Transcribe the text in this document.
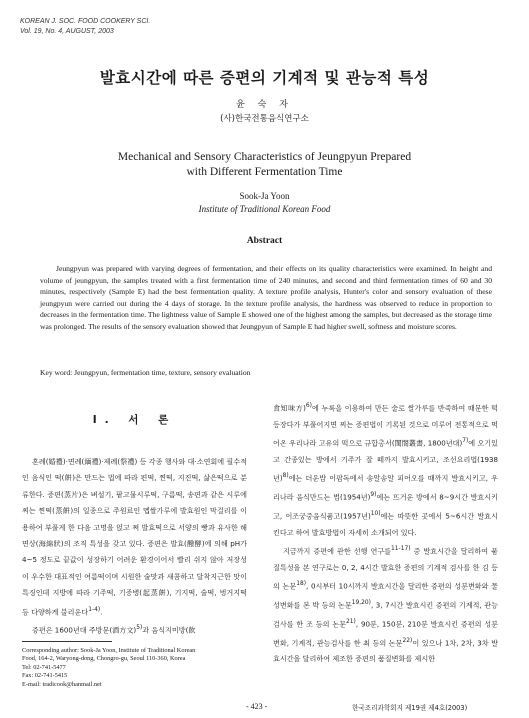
KOREAN J. SOC. FOOD COOKERY SCI.
Vol. 19, No. 4, AUGUST, 2003
발효시간에 따른 증편의 기계적 및 관능적 특성
윤 숙 자
(사)한국전통음식연구소
Mechanical and Sensory Characteristics of Jeungpyun Prepared
with Different Fermentation Time
Sook-Ja Yoon
Institute of Traditional Korean Food
Abstract
Jeungpyun was prepared with varying degrees of fermentation, and their effects on its quality characteristics were examined. In height and volume of jeungpyun, the samples treated with a first fermentation time of 240 minutes, and second and third fermentation times of 60 and 30 minutes, respectively (Sample E) had the best fermentation quality. A texture profile analysis, Hunter's color and sensory evaluation of these jeungpyun were carried out during the 4 days of storage. In the texture profile analysis, the hardness was observed to reduce in proportion to decreases in the fermentation time. The lightness value of Sample E showed one of the highest among the samples, but decreased as the storage time was prolonged. The results of the sensory evaluation showed that Jeungpyun of Sample E had higher swell, softness and moisture scores.
Key word: Jeungpyun, fermentation time, texture, sensory evaluation
Ⅰ. 서 론

혼례(婚禮)·면례(緬禮)·제례(祭禮) 등 각종 행사와 대·소연회에 필수적인 음식인 떡(餠)은 만드는 법에 따라 편떡, 찐떡, 지진떡, 삶은떡으로 분류한다. 증편(蒸片)은 벼설기, 팥고물시루떡, 구름떡, 송편과 같은 시루에 찌는 찐떡(蒸餠)의 일종으로 주원료인 멥쌀가루에 발효원인 막걸리를 이용하여 부풀게 한 다음 고명을 얹고 쪄 발효떡으로 서양의 빵과 유사한 해면상(海綿狀)의 조직 특성을 갖고 있다. 증편은 발효(醱酵)에 의해 pH가 4~5 정도로 끝값이 성장하기 어려운 환경이어서 빨리 쉬지 않아 저장성이 우수한 대표적인 여름떡이며 시원한 술맛과 새콤하고 달착지근한 맛이 특징인데 지방에 따라 기주떡, 기증병(起蒸餠), 기지떡, 술떡, 벙거지떡 등 다양하게 불리운다$^{1-4)}$.

증편은 1600년대 주방문(酒方文)$^{5)}$과 음식지미방(飮

食知味方)$^{6)}$에 누룩을 이용하여 만든 술로 쌀가루를 반죽하여 때문한 떡 등장다가 부풀어지면 찌는 증편법이 기록된 것으로 미루어 전통적으로 먹어온 우리나라 고유의 떡으로 규합총서(閨閤叢書, 1800년대)$^{7)}$에 오기있고 간종있는 방에서 기주가 잘 떼까지 발효시키고, 조선요리법(1938년)$^{8)}$에는 더운밥 이팝독에서 송알송알 피어오를 때까지 발효시키고, 우리나라 음식만드는 법(1954년)$^{9)}$에는 뜨거운 방에서 8~9시간 발효시키고, 이조궁중음식품고(1957년)$^{10)}$에는 따뜻한 곳에서 5~6시간 발효시킨다고 하여 발효방법이 자세히 소개되어 있다.

지금까지 증편에 관한 선행 연구를$^{11-17)}$ 중 발효시간을 달리하여 품질특성을 본 연구로는 0, 2, 4시간 발효한 증편의 기계적 검사를 한 김 등의 논문$^{18)}$, 0시부터 10시까지 발효시간을 달리한 증편의 성분변화와 물성변화를 본 박 등의 논문$^{19,20)}$, 3, 7시간 발효시킨 증편의 기계적, 관능검사를 한 조 등의 논문$^{21)}$, 90분, 150분, 210분 발효시킨 증편의 성분변화, 기계적, 관능검사를 한 최 등의 논문$^{22)}$이 있으나 1차, 2차, 3차 발효시간을 달리하여 제조한 증편의 품질변화를 제시한

Corresponding author: Sook-Ja Yoon, Institute of Traditional Korean
Food, 164-2, Waryong-dong, Chongro-gu, Seoul 110-360, Korea
Tel: 02-741-5477
Fax: 02-741-5415
E-mail: tradicook@hanmail.net
- 423 -	한국조리과학회지 제19권 제4호(2003)
